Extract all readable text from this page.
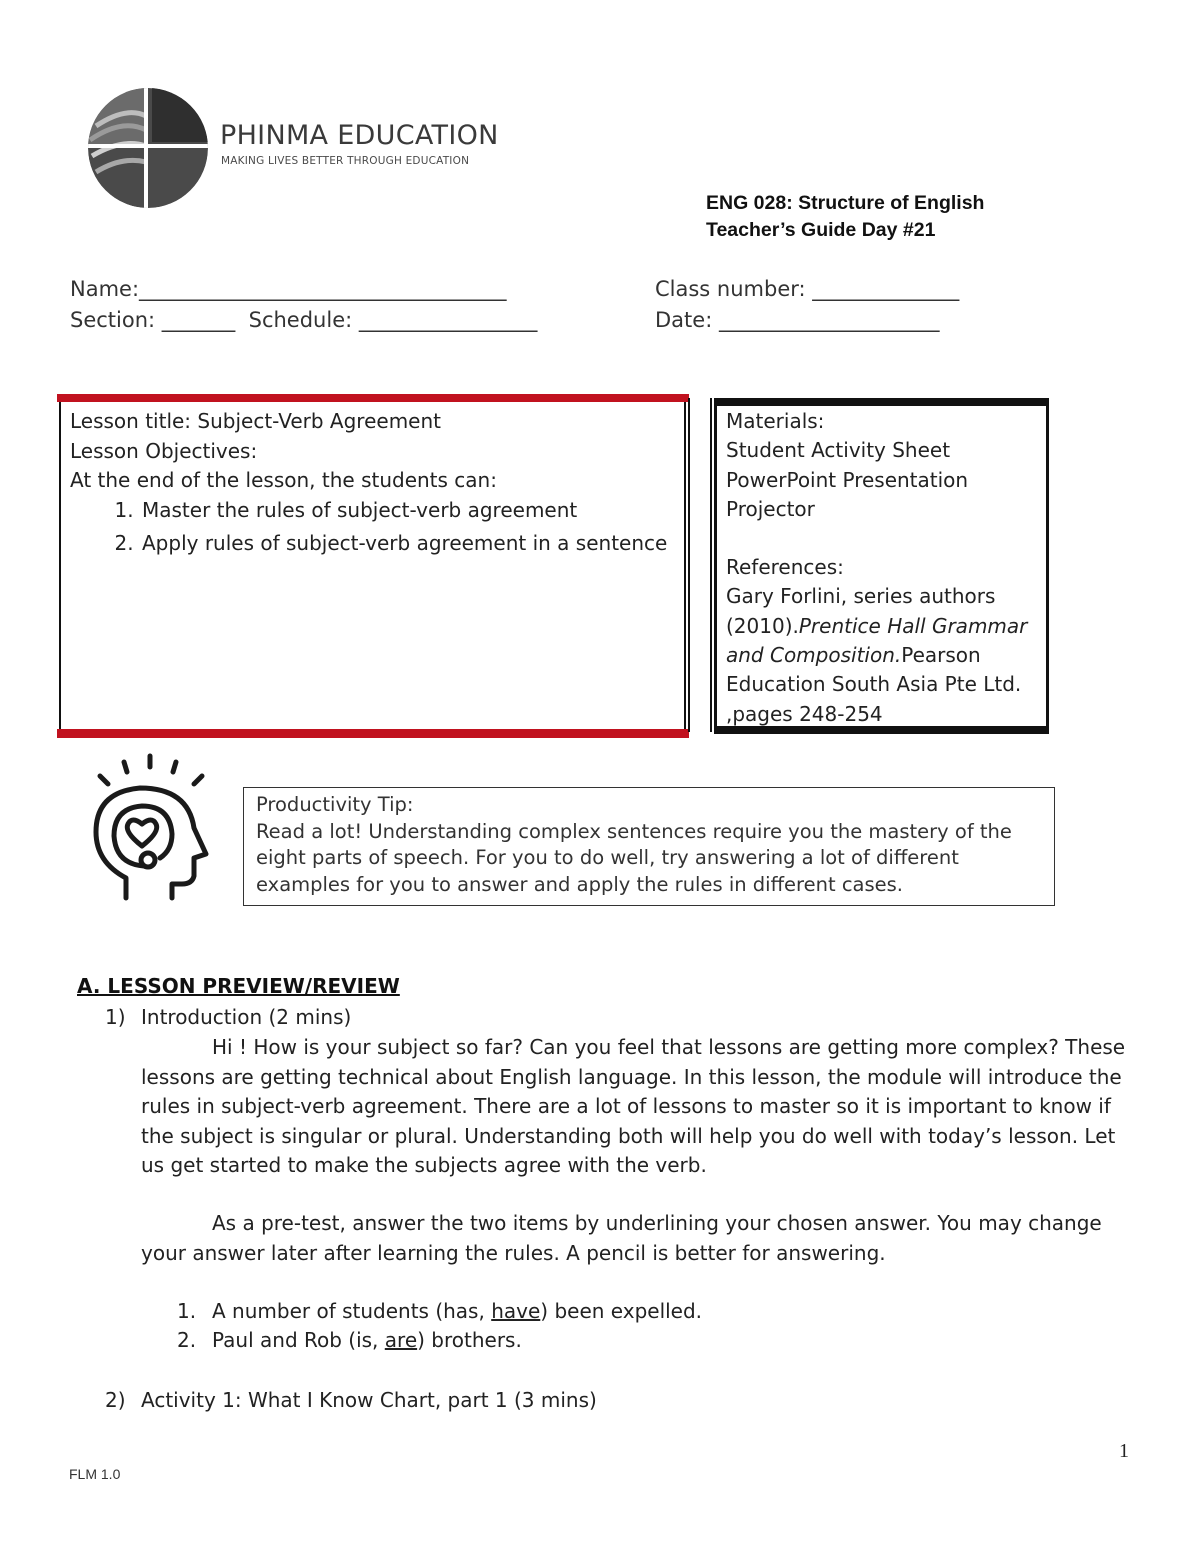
PHINMA EDUCATION
MAKING LIVES BETTER THROUGH EDUCATION
ENG 028: Structure of English
Teacher’s Guide Day #21
Name:___________________________________	Class number: ______________
Section: _______  Schedule: _________________	Date: _____________________
Lesson title: Subject-Verb Agreement
Lesson Objectives:
At the end of the lesson, the students can:
1. Master the rules of subject-verb agreement
2. Apply rules of subject-verb agreement in a sentence
Materials:
Student Activity Sheet
PowerPoint Presentation
Projector
References:
Gary Forlini, series authors (2010).Prentice Hall Grammar and Composition.Pearson Education South Asia Pte Ltd.
,pages 248-254
Productivity Tip:
Read a lot! Understanding complex sentences require you the mastery of the eight parts of speech. For you to do well, try answering a lot of different examples for you to answer and apply the rules in different cases.
A. LESSON PREVIEW/REVIEW
1) Introduction (2 mins)
Hi ! How is your subject so far? Can you feel that lessons are getting more complex? These lessons are getting technical about English language. In this lesson, the module will introduce the rules in subject-verb agreement. There are a lot of lessons to master so it is important to know if the subject is singular or plural. Understanding both will help you do well with today’s lesson. Let us get started to make the subjects agree with the verb.
As a pre-test, answer the two items by underlining your chosen answer. You may change your answer later after learning the rules. A pencil is better for answering.
1. A number of students (has, have) been expelled.
2. Paul and Rob (is, are) brothers.
2) Activity 1: What I Know Chart, part 1 (3 mins)
1
FLM 1.0
